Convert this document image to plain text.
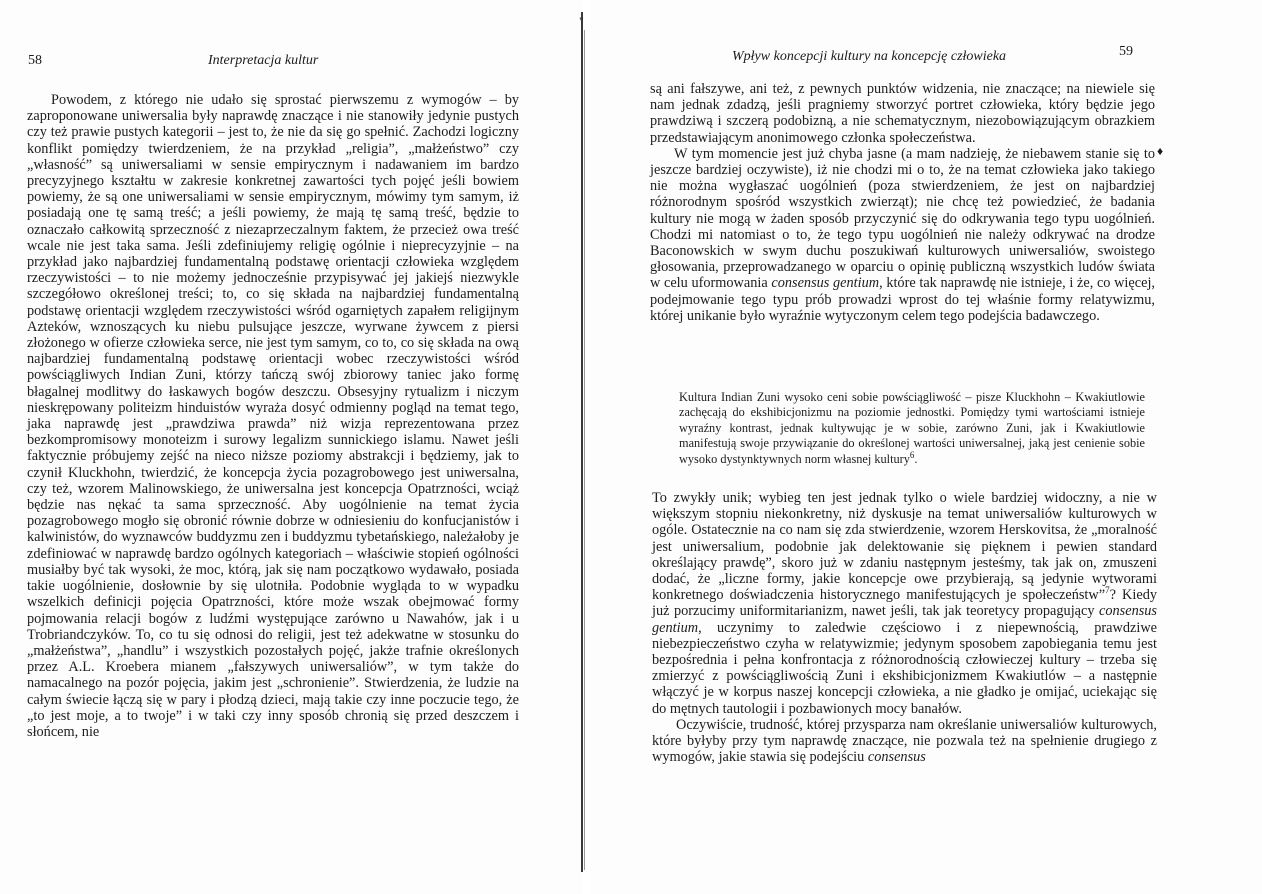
58	Interpretacja kultur

Powodem, z którego nie udało się sprostać pierwszemu z wymogów – by zaproponowane uniwersalia były naprawdę znaczące i nie stanowiły jedynie pustych czy też prawie pustych kategorii – jest to, że nie da się go spełnić. Zachodzi logiczny konflikt pomiędzy twierdzeniem, że na przykład „religia”, „małżeństwo” czy „własność” są uniwersaliami w sensie empirycznym i nadawaniem im bardzo precyzyjnego kształtu w zakresie konkretnej zawartości tych pojęć jeśli bowiem powiemy, że są one uniwersaliami w sensie empirycznym, mówimy tym samym, iż posiadają one tę samą treść; a jeśli powiemy, że mają tę samą treść, będzie to oznaczało całkowitą sprzeczność z niezaprzeczalnym faktem, że przecież owa treść wcale nie jest taka sama. Jeśli zdefiniujemy religię ogólnie i nieprecyzyjnie – na przykład jako najbardziej fundamentalną podstawę orientacji człowieka względem rzeczywistości – to nie możemy jednocześnie przypisywać jej jakiejś niezwykle szczegółowo określonej treści; to, co się składa na najbardziej fundamentalną podstawę orientacji względem rzeczywistości wśród ogarniętych zapałem religijnym Azteków, wznoszących ku niebu pulsujące jeszcze, wyrwane żywcem z piersi złożonego w ofierze człowieka serce, nie jest tym samym, co to, co się składa na ową najbardziej fundamentalną podstawę orientacji wobec rzeczywistości wśród powściągliwych Indian Zuni, którzy tańczą swój zbiorowy taniec jako formę błagalnej modlitwy do łaskawych bogów deszczu. Obsesyjny rytualizm i niczym nieskrępowany politeizm hinduistów wyraża dosyć odmienny pogląd na temat tego, jaka naprawdę jest „prawdziwa prawda” niż wizja reprezentowana przez bezkompromisowy monoteizm i surowy legalizm sunnickiego islamu. Nawet jeśli faktycznie próbujemy zejść na nieco niższe poziomy abstrakcji i będziemy, jak to czynił Kluckhohn, twierdzić, że koncepcja życia pozagrobowego jest uniwersalna, czy też, wzorem Malinowskiego, że uniwersalna jest koncepcja Opatrzności, wciąż będzie nas nękać ta sama sprzeczność. Aby uogólnienie na temat życia pozagrobowego mogło się obronić równie dobrze w odniesieniu do konfucjanistów i kalwinistów, do wyznawców buddyzmu zen i buddyzmu tybetańskiego, należałoby je zdefiniować w naprawdę bardzo ogólnych kategoriach – właściwie stopień ogólności musiałby być tak wysoki, że moc, którą, jak się nam początkowo wydawało, posiada takie uogólnienie, dosłownie by się ulotniła. Podobnie wygląda to w wypadku wszelkich definicji pojęcia Opatrzności, które może wszak obejmować formy pojmowania relacji bogów z ludźmi występujące zarówno u Nawahów, jak i u Trobriandczyków. To, co tu się odnosi do religii, jest też adekwatne w stosunku do „małżeństwa”, „handlu” i wszystkich pozostałych pojęć, jakże trafnie określonych przez A.L. Kroebera mianem „fałszywych uniwersaliów”, w tym także do namacalnego na pozór pojęcia, jakim jest „schronienie”. Stwierdzenia, że ludzie na całym świecie łączą się w pary i płodzą dzieci, mają takie czy inne poczucie tego, że „to jest moje, a to twoje” i w taki czy inny sposób chronią się przed deszczem i słońcem, nie

"
Wpływ koncepcji kultury na koncepcję człowieka	59

są ani fałszywe, ani też, z pewnych punktów widzenia, nie znaczące; na niewiele się nam jednak zdadzą, jeśli pragniemy stworzyć portret człowieka, który będzie jego prawdziwą i szczerą podobizną, a nie schematycznym, niezobowiązującym obrazkiem przedstawiającym anonimowego członka społeczeństwa.

W tym momencie jest już chyba jasne (a mam nadzieję, że niebawem stanie się to jeszcze bardziej oczywiste), iż nie chodzi mi o to, że na temat człowieka jako takiego nie można wygłaszać uogólnień (poza stwierdzeniem, że jest on najbardziej różnorodnym spośród wszystkich zwierząt); nie chcę też powiedzieć, że badania kultury nie mogą w żaden sposób przyczynić się do odkrywania tego typu uogólnień. Chodzi mi natomiast o to, że tego typu uogólnień nie należy odkrywać na drodze Baconowskich w swym duchu poszukiwań kulturowych uniwersaliów, swoistego głosowania, przeprowadzanego w oparciu o opinię publiczną wszystkich ludów świata w celu uformowania consensus gentium, które tak naprawdę nie istnieje, i że, co więcej, podejmowanie tego typu prób prowadzi wprost do tej właśnie formy relatywizmu, której unikanie było wyraźnie wytyczonym celem tego podejścia badawczego.

Kultura Indian Zuni wysoko ceni sobie powściągliwość – pisze Kluckhohn – Kwakiutlowie zachęcają do ekshibicjonizmu na poziomie jednostki. Pomiędzy tymi wartościami istnieje wyraźny kontrast, jednak kultywując je w sobie, zarówno Zuni, jak i Kwakiutlowie manifestują swoje przywiązanie do określonej wartości uniwersalnej, jaką jest cenienie sobie wysoko dystynktywnych norm własnej kultury$^6$.

To zwykły unik; wybieg ten jest jednak tylko o wiele bardziej widoczny, a nie w większym stopniu niekonkretny, niż dyskusje na temat uniwersaliów kulturowych w ogóle. Ostatecznie na co nam się zda stwierdzenie, wzorem Herskovitsa, że „moralność jest uniwersalium, podobnie jak delektowanie się pięknem i pewien standard określający prawdę”, skoro już w zdaniu następnym jesteśmy, tak jak on, zmuszeni dodać, że „liczne formy, jakie koncepcje owe przybierają, są jedynie wytworami konkretnego doświadczenia historycznego manifestujących je społeczeństw”$^7$? Kiedy już porzucimy uniformitarianizm, nawet jeśli, tak jak teoretycy propagujący consensus gentium, uczynimy to zaledwie częściowo i z niepewnością, prawdziwe niebezpieczeństwo czyha w relatywizmie; jedynym sposobem zapobiegania temu jest bezpośrednia i pełna konfrontacja z różnorodnością człowieczej kultury – trzeba się zmierzyć z powściągliwością Zuni i ekshibicjonizmem Kwakiutlów – a następnie włączyć je w korpus naszej koncepcji człowieka, a nie gładko je omijać, uciekając się do mętnych tautologii i pozbawionych mocy banałów.

Oczywiście, trudność, której przysparza nam określanie uniwersaliów kulturowych, które byłyby przy tym naprawdę znaczące, nie pozwala też na spełnienie drugiego z wymogów, jakie stawia się podejściu consensus

♦
